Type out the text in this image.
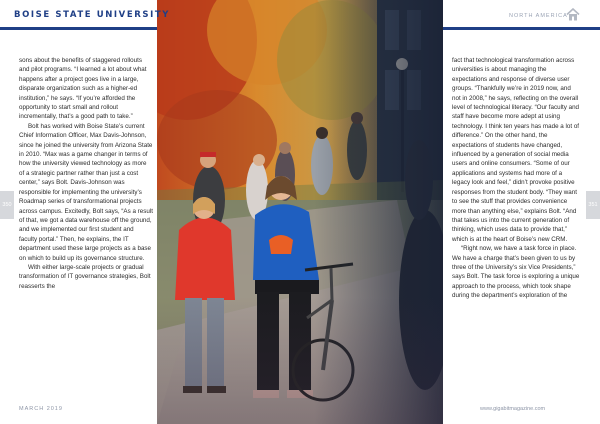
BOISE STATE UNIVERSITY	NORTH AMERICA

sons about the benefits of staggered rollouts and pilot programs. “I learned a lot about what happens after a project goes live in a large, disparate organization such as a higher-ed institution,” he says. “If you’re afforded the opportunity to start small and rollout incrementally, that’s a good path to take.”

Bolt has worked with Boise State’s current Chief Information Officer, Max Davis-Johnson, since he joined the university from Arizona State in 2010. “Max was a game changer in terms of how the university viewed technology as more of a strategic partner rather than just a cost center,” says Bolt. Davis-Johnson was responsible for implementing the university’s Roadmap series of transformational projects across campus. Excitedly, Bolt says, “As a result of that, we got a data warehouse off the ground, and we implemented our first student and faculty portal.” Then, he explains, the IT department used these large projects as a base on which to build up its governance structure.

With either large-scale projects or gradual transformation of IT governance strategies, Bolt reasserts the

fact that technological transformation across universities is about managing the expectations and response of diverse user groups. “Thankfully we’re in 2019 now, and not in 2008,” he says, reflecting on the overall level of technological literacy. “Our faculty and staff have become more adept at using technology. I think ten years has made a lot of difference.” On the other hand, the expectations of students have changed, influenced by a generation of social media users and online consumers. “Some of our applications and systems had more of a legacy look and feel,” didn’t provoke positive responses from the student body. “They want to see the stuff that provides convenience more than anything else,” explains Bolt. “And that takes us into the current generation of thinking, which uses data to provide that,” which is at the heart of Boise’s new CRM.

“Right now, we have a task force in place. We have a charge that’s been given to us by three of the University’s six Vice Presidents,” says Bolt. The task force is exploring a unique approach to the process, which took shape during the department’s exploration of the

350	351
MARCH 2019	www.gigabitmagazine.com
